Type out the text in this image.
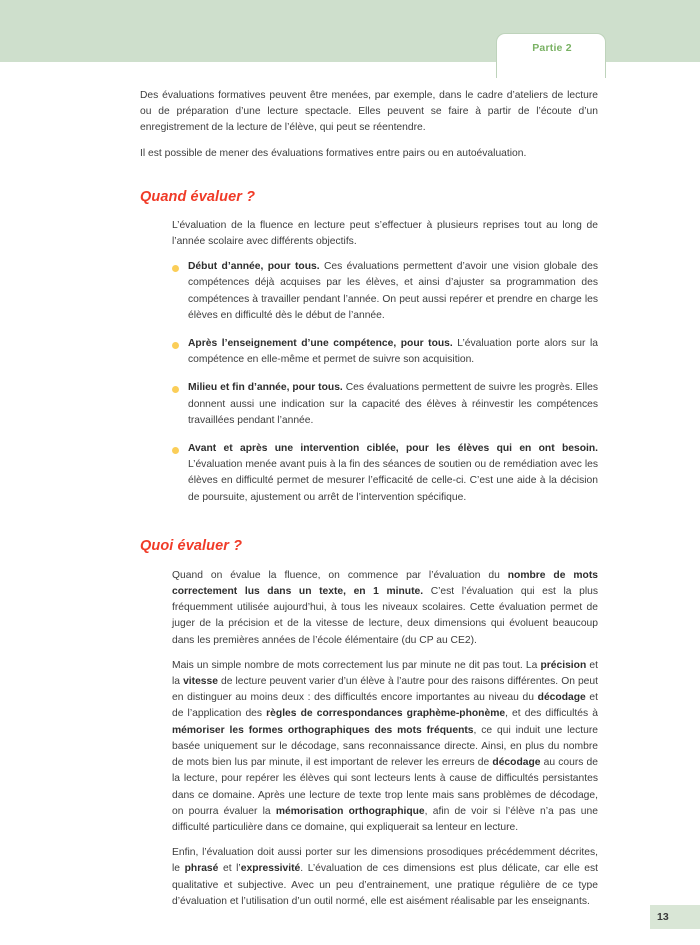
Partie 2

Des évaluations formatives peuvent être menées, par exemple, dans le cadre d’ateliers de lecture ou de préparation d’une lecture spectacle. Elles peuvent se faire à partir de l’écoute d’un enregistrement de la lecture de l’élève, qui peut se réentendre.

Il est possible de mener des évaluations formatives entre pairs ou en autoévaluation.

Quand évaluer ?

L’évaluation de la fluence en lecture peut s’effectuer à plusieurs reprises tout au long de l’année scolaire avec différents objectifs.

Début d’année, pour tous. Ces évaluations permettent d’avoir une vision globale des compétences déjà acquises par les élèves, et ainsi d’ajuster sa programmation des compétences à travailler pendant l’année. On peut aussi repérer et prendre en charge les élèves en difficulté dès le début de l’année.
Après l’enseignement d’une compétence, pour tous. L’évaluation porte alors sur la compétence en elle-même et permet de suivre son acquisition.
Milieu et fin d’année, pour tous. Ces évaluations permettent de suivre les progrès. Elles donnent aussi une indication sur la capacité des élèves à réinvestir les compétences travaillées pendant l’année.
Avant et après une intervention ciblée, pour les élèves qui en ont besoin. L’évaluation menée avant puis à la fin des séances de soutien ou de remédiation avec les élèves en difficulté permet de mesurer l’efficacité de celle-ci. C’est une aide à la décision de poursuite, ajustement ou arrêt de l’intervention spécifique.
Quoi évaluer ?

Quand on évalue la fluence, on commence par l’évaluation du nombre de mots correctement lus dans un texte, en 1 minute. C’est l’évaluation qui est la plus fréquemment utilisée aujourd’hui, à tous les niveaux scolaires. Cette évaluation permet de juger de la précision et de la vitesse de lecture, deux dimensions qui évoluent beaucoup dans les premières années de l’école élémentaire (du CP au CE2).

Mais un simple nombre de mots correctement lus par minute ne dit pas tout. La précision et la vitesse de lecture peuvent varier d’un élève à l’autre pour des raisons différentes. On peut en distinguer au moins deux : des difficultés encore importantes au niveau du décodage et de l’application des règles de correspondances graphème-phonème, et des difficultés à mémoriser les formes orthographiques des mots fréquents, ce qui induit une lecture basée uniquement sur le décodage, sans reconnaissance directe. Ainsi, en plus du nombre de mots bien lus par minute, il est important de relever les erreurs de décodage au cours de la lecture, pour repérer les élèves qui sont lecteurs lents à cause de difficultés persistantes dans ce domaine. Après une lecture de texte trop lente mais sans problèmes de décodage, on pourra évaluer la mémorisation orthographique, afin de voir si l’élève n’a pas une difficulté particulière dans ce domaine, qui expliquerait sa lenteur en lecture.

Enfin, l’évaluation doit aussi porter sur les dimensions prosodiques précédemment décrites, le phrasé et l’expressivité. L’évaluation de ces dimensions est plus délicate, car elle est qualitative et subjective. Avec un peu d’entrainement, une pratique régulière de ce type d’évaluation et l’utilisation d’un outil normé, elle est aisément réalisable par les enseignants.

13
